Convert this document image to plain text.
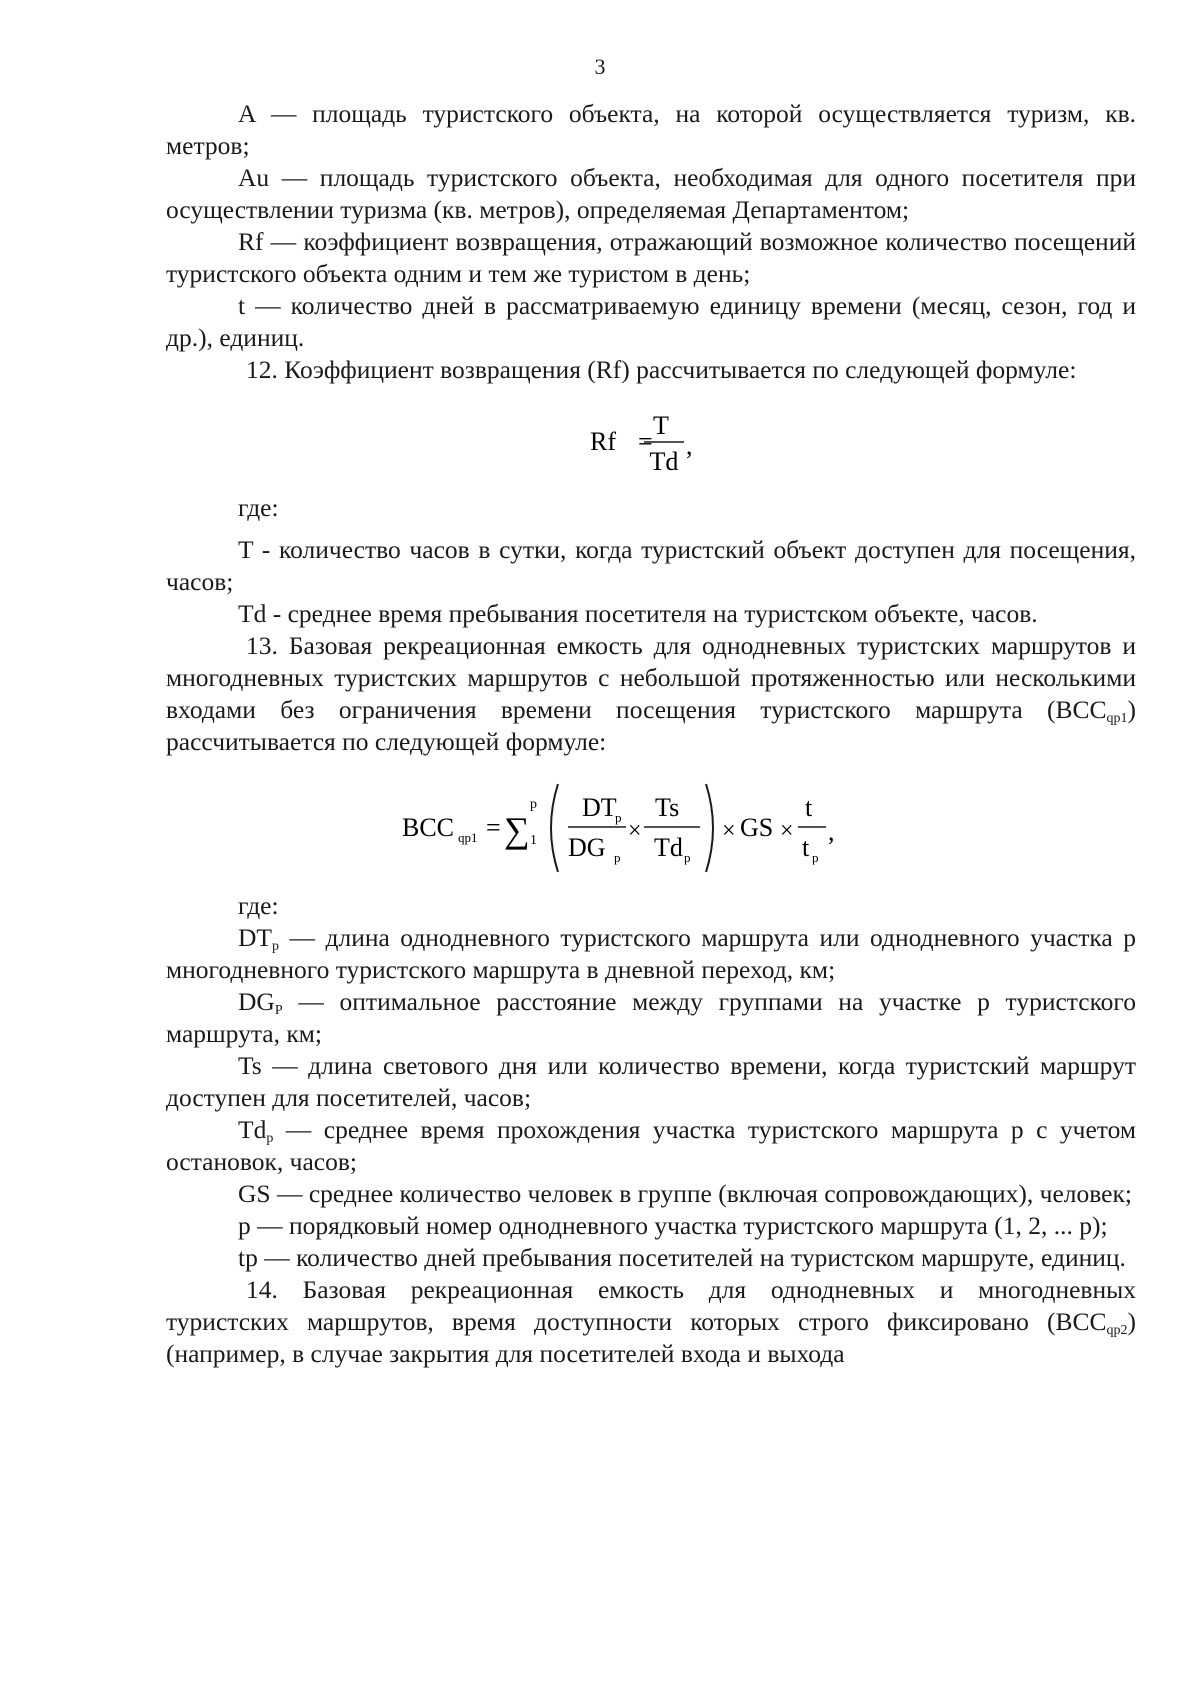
3

A — площадь туристского объекта, на которой осуществляется туризм, кв. метров;

Au — площадь туристского объекта, необходимая для одного посетителя при осуществлении туризма (кв. метров), определяемая Департаментом;

Rf — коэффициент возвращения, отражающий возможное количество посещений туристского объекта одним и тем же туристом в день;

t — количество дней в рассматриваемую единицу времени (месяц, сезон, год и др.), единиц.

12. Коэффициент возвращения (Rf) рассчитывается по следующей формуле:

Rf =
T
Td
,

где:

T - количество часов в сутки, когда туристский объект доступен для посещения, часов;

Td - среднее время пребывания посетителя на туристском объекте, часов.

13. Базовая рекреационная емкость для однодневных туристских маршрутов и многодневных туристских маршрутов с небольшой протяженностью или несколькими входами без ограничения времени посещения туристского маршрута $(BCC_{qp1})$ рассчитывается по следующей формуле:

BCC qp1 = ∑
p
1
DT
p
DG p
×
Ts
Td p
× GS ×
t
t p
,

где:

$DT_p$ — длина однодневного туристского маршрута или однодневного участка p многодневного туристского маршрута в дневной переход, км;

$DG_P$ — оптимальное расстояние между группами на участке p туристского маршрута, км;

Ts — длина светового дня или количество времени, когда туристский маршрут доступен для посетителей, часов;

$Td_p$ — среднее время прохождения участка туристского маршрута p с учетом остановок, часов;

GS — среднее количество человек в группе (включая сопровождающих), человек;

p — порядковый номер однодневного участка туристского маршрута (1, 2, ... p);

tp — количество дней пребывания посетителей на туристском маршруте, единиц.

14. Базовая рекреационная емкость для однодневных и многодневных туристских маршрутов, время доступности которых строго фиксировано $(BCC_{qp2})$ (например, в случае закрытия для посетителей входа и выхода
